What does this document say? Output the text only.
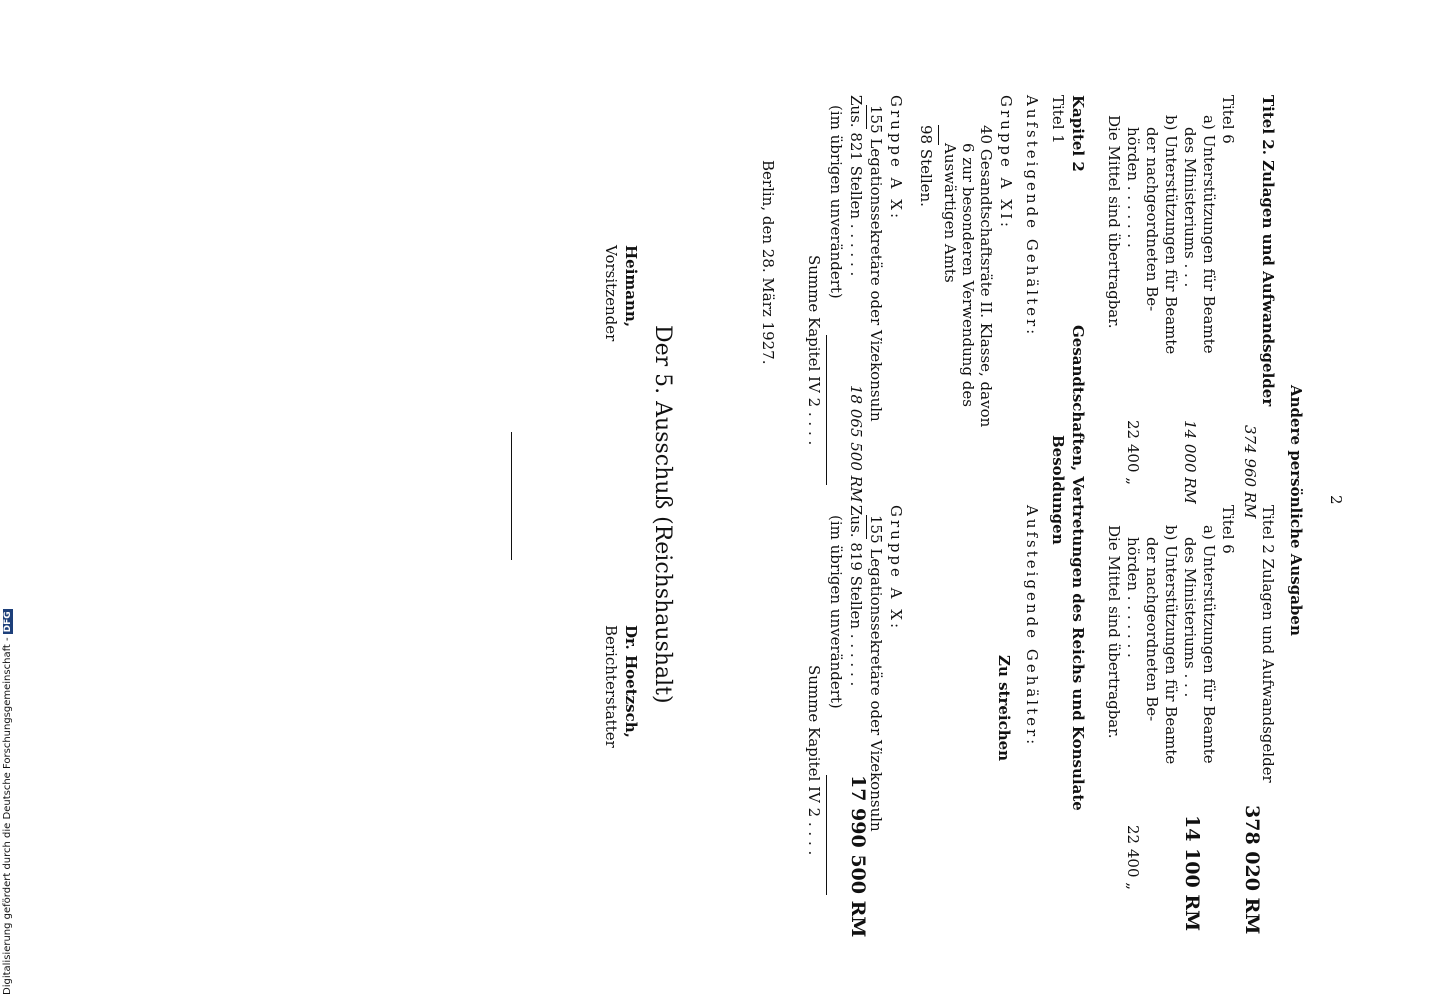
2
Andere persönliche Ausgaben
Titel 2. Zulagen und Aufwandsgelder
374 960 RM
Titel 6
a) Unterstützungen für Beamte
des Ministeriums . . .
14 000 RM
b) Unterstützungen für Beamte
der nachgeordneten Be-
hörden . . . . . . .
22 400 „
Die Mittel sind übertragbar.
Titel 2 Zulagen und Aufwandsgelder
378 020 RM
Titel 6
a) Unterstützungen für Beamte
des Ministeriums . . .
14 100 RM
b) Unterstützungen für Beamte
der nachgeordneten Be-
hörden . . . . . . .
22 400 „
Die Mittel sind übertragbar.
Kapitel 2
Gesandtschaften, Vertretungen des Reichs und Konsulate
Besoldungen
Titel 1
Aufsteigende Gehälter:
Gruppe A XI:
40 Gesandtschaftsräte II. Klasse, davon
6 zur besonderen Verwendung des
Auswärtigen Amts
98 Stellen.
Gruppe A X:
155 Legationssekretäre oder Vizekonsuln
Zus. 821 Stellen . . . . . .
18 065 500 RM
(im übrigen unverändert)
Summe Kapitel IV 2 . . . .
Aufsteigende Gehälter:
Zu streichen
Gruppe A X:
155 Legationssekretäre oder Vizekonsuln
Zus. 819 Stellen . . . . . .
17 990 500 RM
(im übrigen unverändert)
Summe Kapitel IV 2 . . . .
Berlin, den 28. März 1927.
Der 5. Ausschuß (Reichshaushalt)
Heimann,
Vorsitzender
Dr. Hoetzsch,
Berichterstatter
Digitalisierung gefördert durch die Deutsche Forschungsgemeinschaft -DFG
